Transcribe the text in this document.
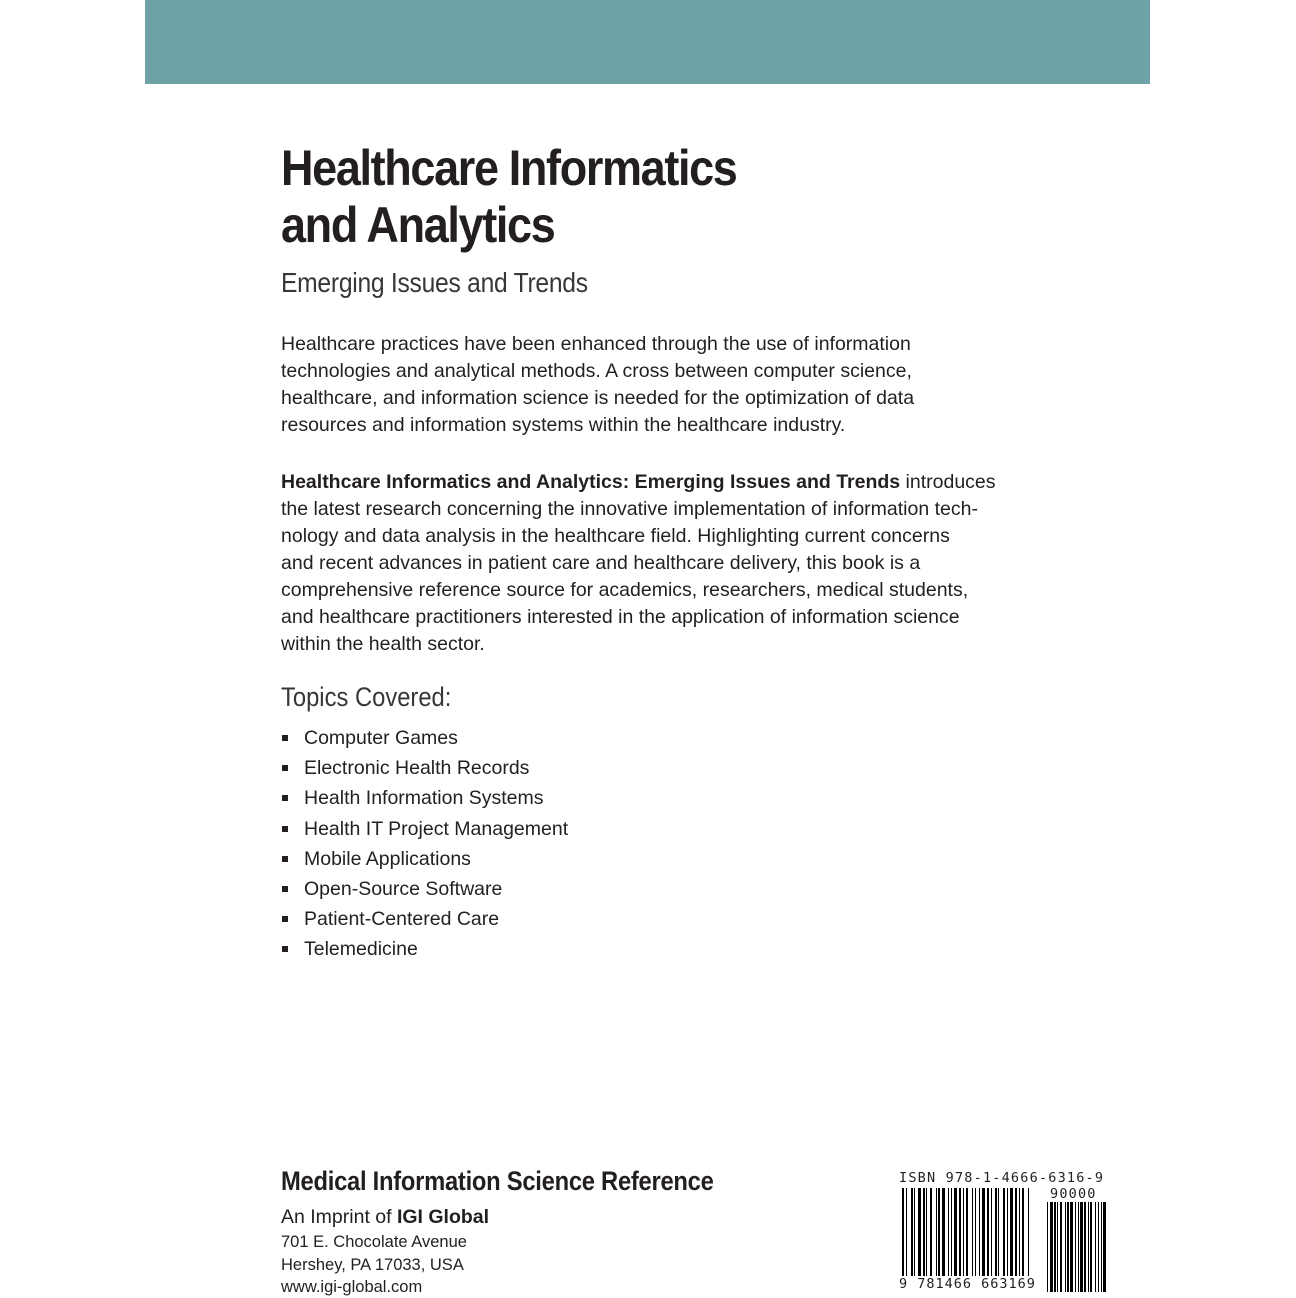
Healthcare Informatics
and Analytics
Emerging Issues and Trends
Healthcare practices have been enhanced through the use of information
technologies and analytical methods. A cross between computer science,
healthcare, and information science is needed for the optimization of data
resources and information systems within the healthcare industry.
Healthcare Informatics and Analytics: Emerging Issues and Trends introduces
the latest research concerning the innovative implementation of information tech-
nology and data analysis in the healthcare field. Highlighting current concerns
and recent advances in patient care and healthcare delivery, this book is a
comprehensive reference source for academics, researchers, medical students,
and healthcare practitioners interested in the application of information science
within the health sector.
Topics Covered:
Computer Games
Electronic Health Records
Health Information Systems
Health IT Project Management
Mobile Applications
Open-Source Software
Patient-Centered Care
Telemedicine
Medical Information Science Reference
An Imprint of IGI Global
701 E. Chocolate Avenue
Hershey, PA 17033, USA
www.igi-global.com
ISBN 978-1-4666-6316-9
90000
9 781466 663169
